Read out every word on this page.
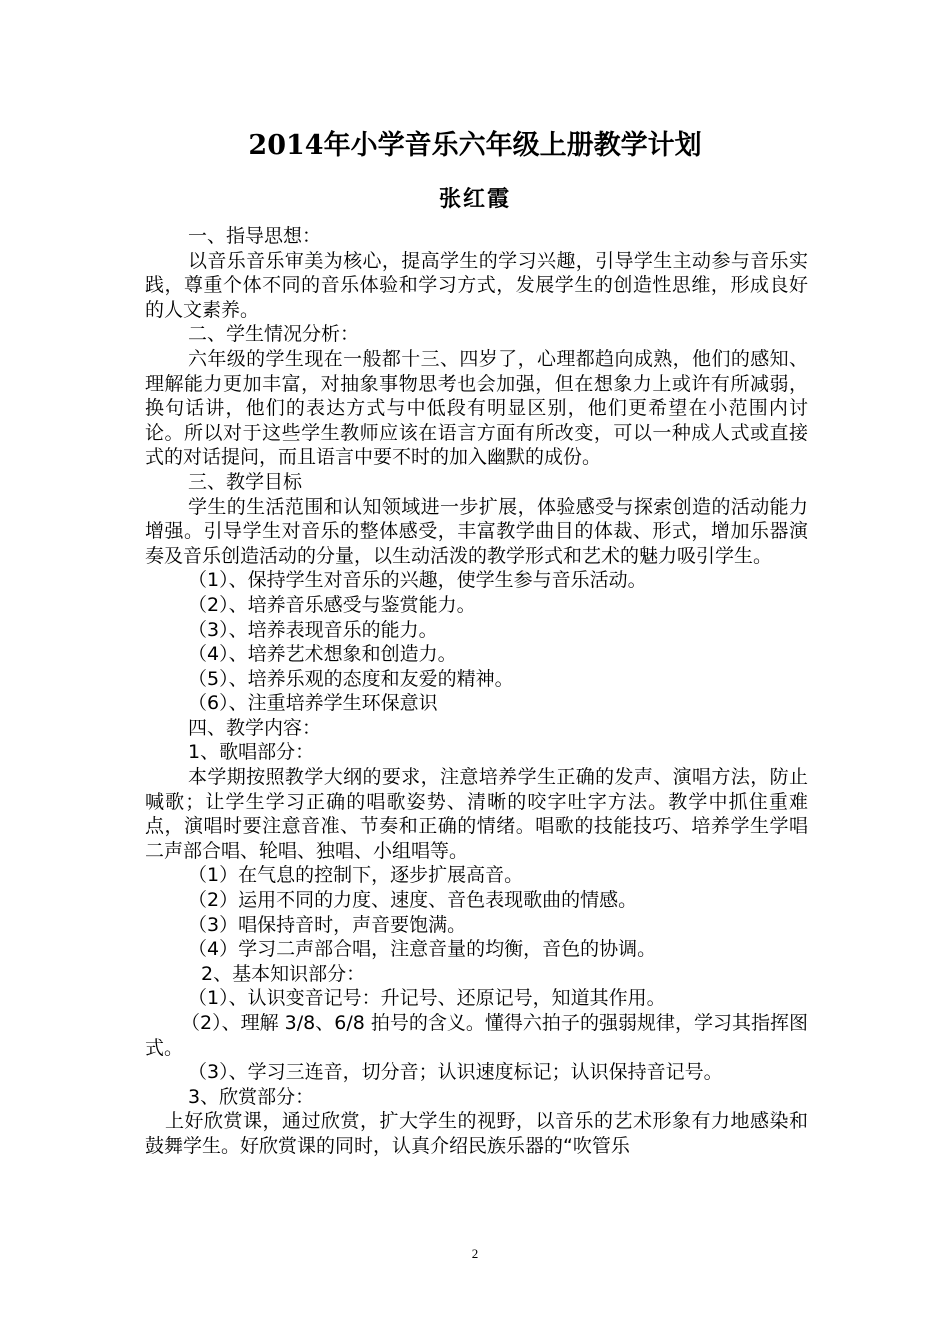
2014年小学音乐六年级上册教学计划
张红霞

一、指导思想：

以音乐音乐审美为核心，提高学生的学习兴趣，引导学生主动参与音乐实践，尊重个体不同的音乐体验和学习方式，发展学生的创造性思维，形成良好的人文素养。

二、学生情况分析：

六年级的学生现在一般都十三、四岁了，心理都趋向成熟，他们的感知、理解能力更加丰富，对抽象事物思考也会加强，但在想象力上或许有所减弱，换句话讲，他们的表达方式与中低段有明显区别，他们更希望在小范围内讨论。所以对于这些学生教师应该在语言方面有所改变，可以一种成人式或直接式的对话提问，而且语言中要不时的加入幽默的成份。

三、教学目标

学生的生活范围和认知领域进一步扩展，体验感受与探索创造的活动能力增强。引导学生对音乐的整体感受，丰富教学曲目的体裁、形式，增加乐器演奏及音乐创造活动的分量，以生动活泼的教学形式和艺术的魅力吸引学生。

（1）、保持学生对音乐的兴趣，使学生参与音乐活动。

（2）、培养音乐感受与鉴赏能力。

（3）、培养表现音乐的能力。

（4）、培养艺术想象和创造力。

（5）、培养乐观的态度和友爱的精神。

（6）、注重培养学生环保意识

四、教学内容：

1、歌唱部分：

本学期按照教学大纲的要求，注意培养学生正确的发声、演唱方法，防止喊歌；让学生学习正确的唱歌姿势、清晰的咬字吐字方法。教学中抓住重难点，演唱时要注意音准、节奏和正确的情绪。唱歌的技能技巧、培养学生学唱二声部合唱、轮唱、独唱、小组唱等。

（1）在气息的控制下，逐步扩展高音。

（2）运用不同的力度、速度、音色表现歌曲的情感。

（3）唱保持音时，声音要饱满。

（4）学习二声部合唱，注意音量的均衡，音色的协调。

2、基本知识部分：

（1）、认识变音记号：升记号、还原记号，知道其作用。

（2）、理解 3/8、6/8 拍号的含义。懂得六拍子的强弱规律，学习其指挥图式。

（3）、学习三连音，切分音；认识速度标记；认识保持音记号。

3、欣赏部分：

上好欣赏课，通过欣赏，扩大学生的视野，以音乐的艺术形象有力地感染和鼓舞学生。好欣赏课的同时，认真介绍民族乐器的“吹管乐

2
